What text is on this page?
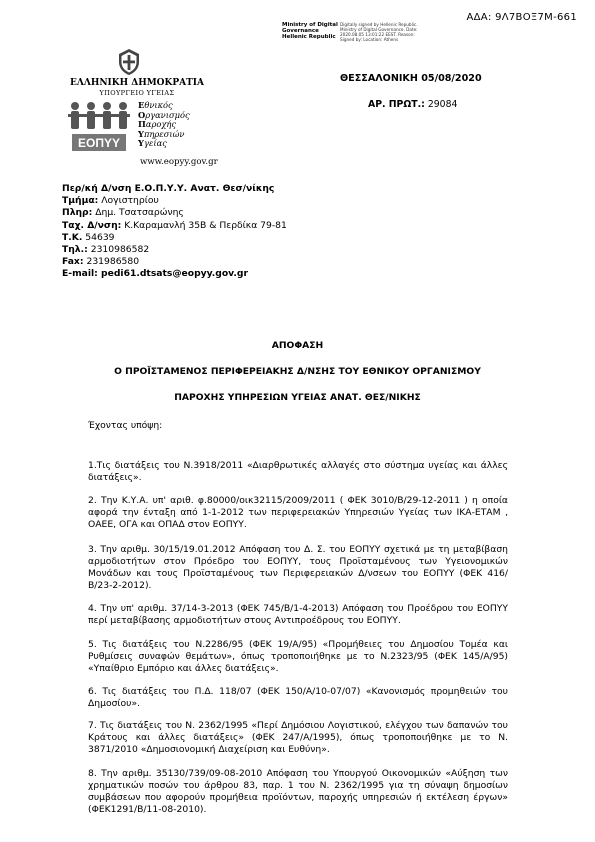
ΑΔΑ: 9Λ7ΒΟΞ7Μ-661
Ministry of Digital
Governance
Hellenic Republic
Digitally signed by Hellenic Republic. Ministry of Digital Governance. Date: 2020.08.05 13:01:22 EEST. Reason: Signed by: Location: Athens
ΕΛΛΗΝΙΚΗ ΔΗΜΟΚΡΑΤΙΑ
ΥΠΟΥΡΓΕΙΟ ΥΓΕΙΑΣ
ΕΟΠΥΥ
Εθνικός
Οργανισμός
Παροχής
Υπηρεσιών
Υγείας
www.eopyy.gov.gr
ΘΕΣΣΑΛΟΝΙΚΗ 05/08/2020
ΑΡ. ΠΡΩΤ.: 29084
Περ/κή Δ/νση Ε.Ο.Π.Υ.Υ. Ανατ. Θεσ/νίκης
Τμήμα: Λογιστηρίου
Πληρ: Δημ. Τσατσαρώνης
Ταχ. Δ/νση: Κ.Καραμανλή 35Β & Περδίκα 79-81
Τ.Κ. 54639
Τηλ.: 2310986582
Fax: 231986580
E-mail: pedi61.dtsats@eopyy.gov.gr
ΑΠΟΦΑΣΗ
Ο ΠΡΟΪΣΤΑΜΕΝΟΣ ΠΕΡΙΦΕΡΕΙΑΚΗΣ Δ/ΝΣΗΣ ΤΟΥ ΕΘΝΙΚΟΥ ΟΡΓΑΝΙΣΜΟΥ
ΠΑΡΟΧΗΣ ΥΠΗΡΕΣΙΩΝ ΥΓΕΙΑΣ ΑΝΑΤ. ΘΕΣ/ΝΙΚΗΣ
Έχοντας υπόψη:
1.Τις διατάξεις του Ν.3918/2011 «Διαρθρωτικές αλλαγές στο σύστημα υγείας και άλλες διατάξεις».
2. Την Κ.Υ.Α. υπ' αριθ. φ.80000/οικ32115/2009/2011 ( ΦΕΚ 3010/Β/29-12-2011 ) η οποία αφορά την ένταξη από 1-1-2012 των περιφερειακών Υπηρεσιών Υγείας των ΙΚΑ-ΕΤΑΜ , ΟΑΕΕ, ΟΓΑ και ΟΠΑΔ στον ΕΟΠΥΥ.
3. Την αριθμ. 30/15/19.01.2012 Απόφαση του Δ. Σ. του ΕΟΠΥΥ σχετικά με τη μεταβίβαση αρμοδιοτήτων στον Πρόεδρο του ΕΟΠΥΥ, τους Προϊσταμένους των Υγειονομικών Μονάδων και τους Προϊσταμένους των Περιφερειακών Δ/νσεων του ΕΟΠΥΥ (ΦΕΚ 416/Β/23-2-2012).
4. Την υπ' αριθμ. 37/14-3-2013 (ΦΕΚ 745/Β/1-4-2013) Απόφαση του Προέδρου του ΕΟΠΥΥ περί μεταβίβασης αρμοδιοτήτων στους Αντιπροέδρους του ΕΟΠΥΥ.
5. Τις διατάξεις του Ν.2286/95 (ΦΕΚ 19/Α/95) «Προμήθειες του Δημοσίου Τομέα και Ρυθμίσεις συναφών θεμάτων», όπως τροποποιήθηκε με το Ν.2323/95 (ΦΕΚ 145/Α/95) «Υπαίθριο Εμπόριο και άλλες διατάξεις».
6. Τις διατάξεις του Π.Δ. 118/07 (ΦΕΚ 150/Α/10-07/07) «Κανονισμός προμηθειών του Δημοσίου».
7. Τις διατάξεις του Ν. 2362/1995 «Περί Δημόσιου Λογιστικού, ελέγχου των δαπανών του Κράτους και άλλες διατάξεις» (ΦΕΚ 247/Α/1995), όπως τροποποιήθηκε με το Ν. 3871/2010 «Δημοσιονομική Διαχείριση και Ευθύνη».
8. Την αριθμ. 35130/739/09-08-2010 Απόφαση του Υπουργού Οικονομικών «Αύξηση των χρηματικών ποσών του άρθρου 83, παρ. 1 του Ν. 2362/1995 για τη σύναψη δημοσίων συμβάσεων που αφορούν προμήθεια προϊόντων, παροχής υπηρεσιών ή εκτέλεση έργων» (ΦΕΚ1291/Β/11-08-2010).
